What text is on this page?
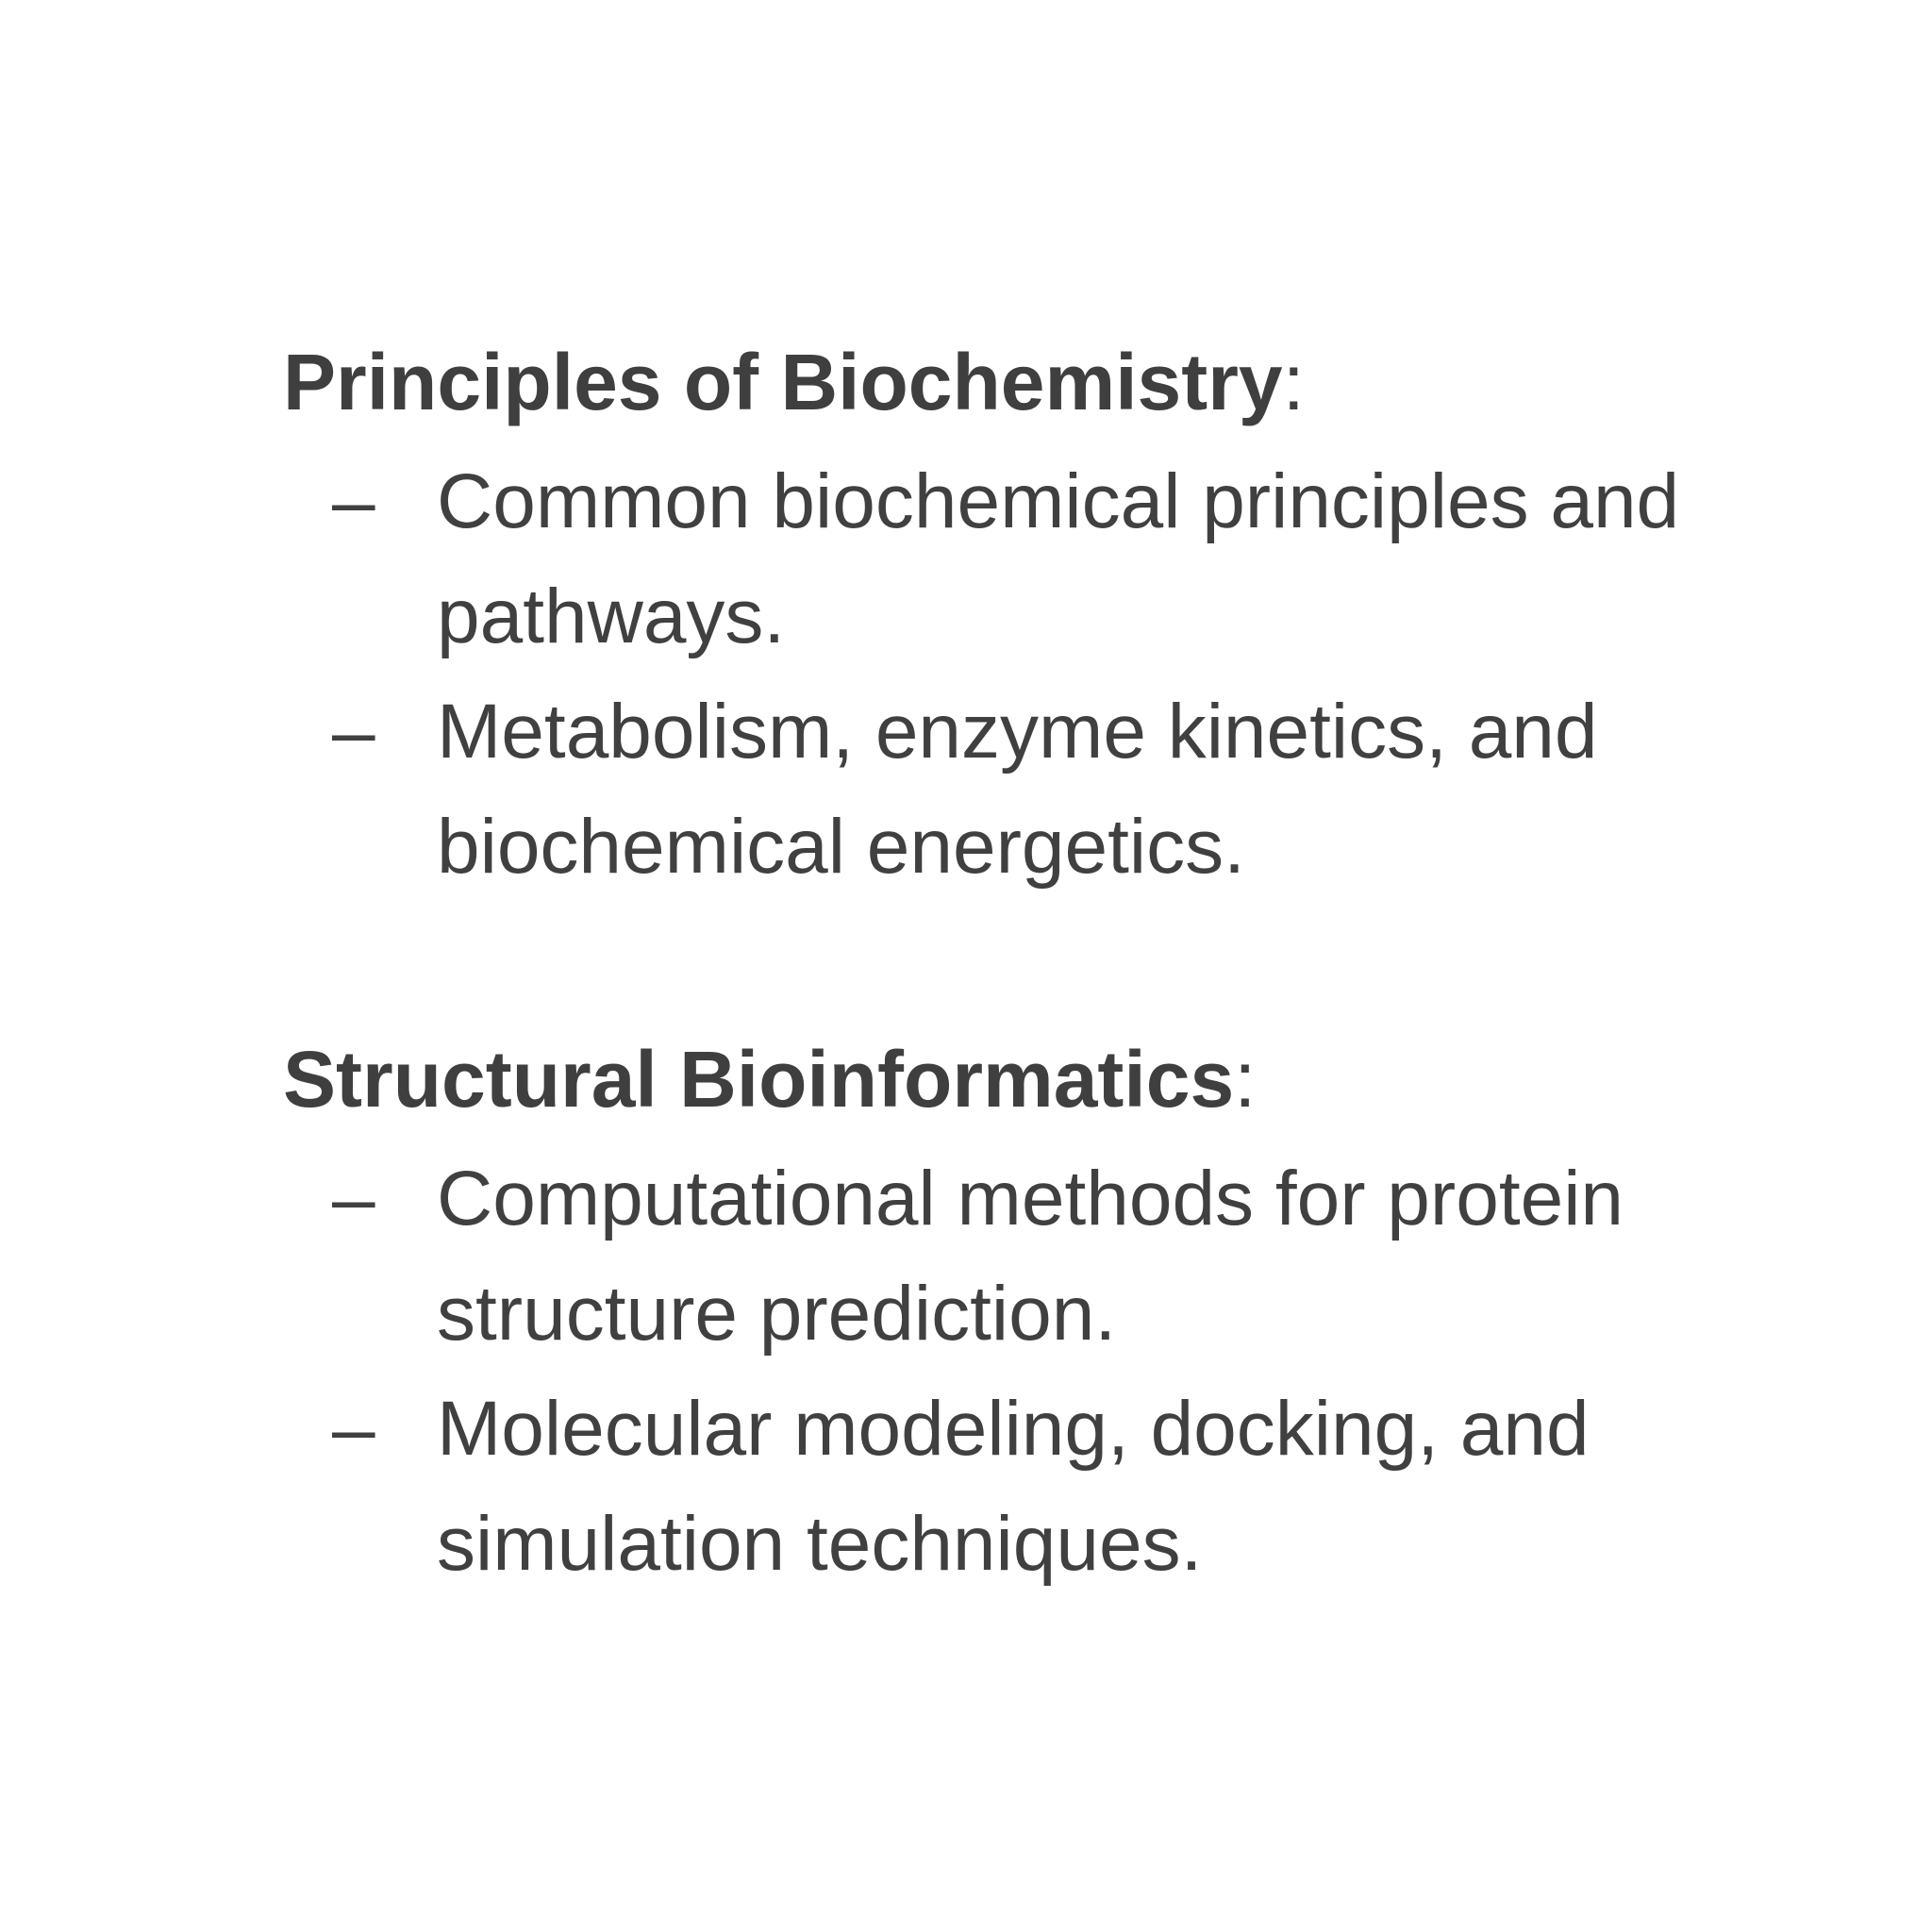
Principles of Biochemistry:
– Common biochemical principles and pathways.
– Metabolism, enzyme kinetics, and biochemical energetics.
Structural Bioinformatics:
– Computational methods for protein structure prediction.
– Molecular modeling, docking, and simulation techniques.
